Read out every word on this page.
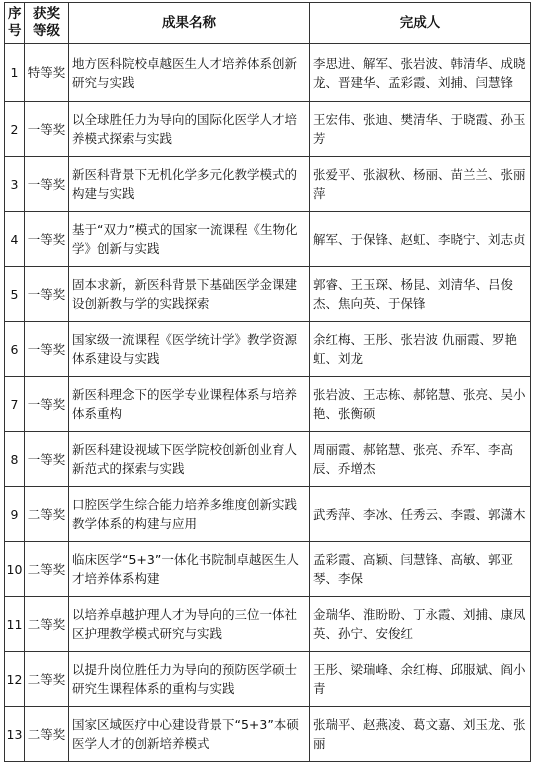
序号	获奖等级	成果名称	完成人
1	特等奖	地方医科院校卓越医生人才培养体系创新研究与实践	李思进、解军、张岩波、韩清华、成晓龙、晋建华、孟彩霞、刘捕、闫慧锋
2	一等奖	以全球胜任力为导向的国际化医学人才培养模式探索与实践	王宏伟、张迪、樊清华、于晓霞、孙玉芳
3	一等奖	新医科背景下无机化学多元化教学模式的构建与实践	张爱平、张淑秋、杨丽、苗兰兰、张丽萍
4	一等奖	基于“双力”模式的国家一流课程《生物化学》创新与实践	解军、于保锋、赵虹、李晓宁、刘志贞
5	一等奖	固本求新，新医科背景下基础医学金课建设创新教与学的实践探索	郭睿、王玉琛、杨昆、刘清华、吕俊杰、焦向英、于保锋
6	一等奖	国家级一流课程《医学统计学》教学资源体系建设与实践	余红梅、王彤、张岩波 仇丽霞、罗艳虹、刘龙
7	一等奖	新医科理念下的医学专业课程体系与培养体系重构	张岩波、王志栋、郝铭慧、张亮、吴小艳、张衡硕
8	一等奖	新医科建设视域下医学院校创新创业育人新范式的探索与实践	周丽霞、郝铭慧、张亮、乔军、李高辰、乔增杰
9	二等奖	口腔医学生综合能力培养多维度创新实践教学体系的构建与应用	武秀萍、李冰、任秀云、李霞、郭潇木
10	二等奖	临床医学“5+3”一体化书院制卓越医生人才培养体系构建	孟彩霞、高颖、闫慧锋、高敏、郭亚琴、李保
11	二等奖	以培养卓越护理人才为导向的三位一体社区护理教学模式研究与实践	金瑞华、淮盼盼、丁永霞、刘捕、康凤英、孙宁、安俊红
12	二等奖	以提升岗位胜任力为导向的预防医学硕士研究生课程体系的重构与实践	王彤、梁瑞峰、余红梅、邱服斌、阎小青
13	二等奖	国家区域医疗中心建设背景下“5+3”本硕医学人才的创新培养模式	张瑞平、赵燕凌、葛文嘉、刘玉龙、张丽
